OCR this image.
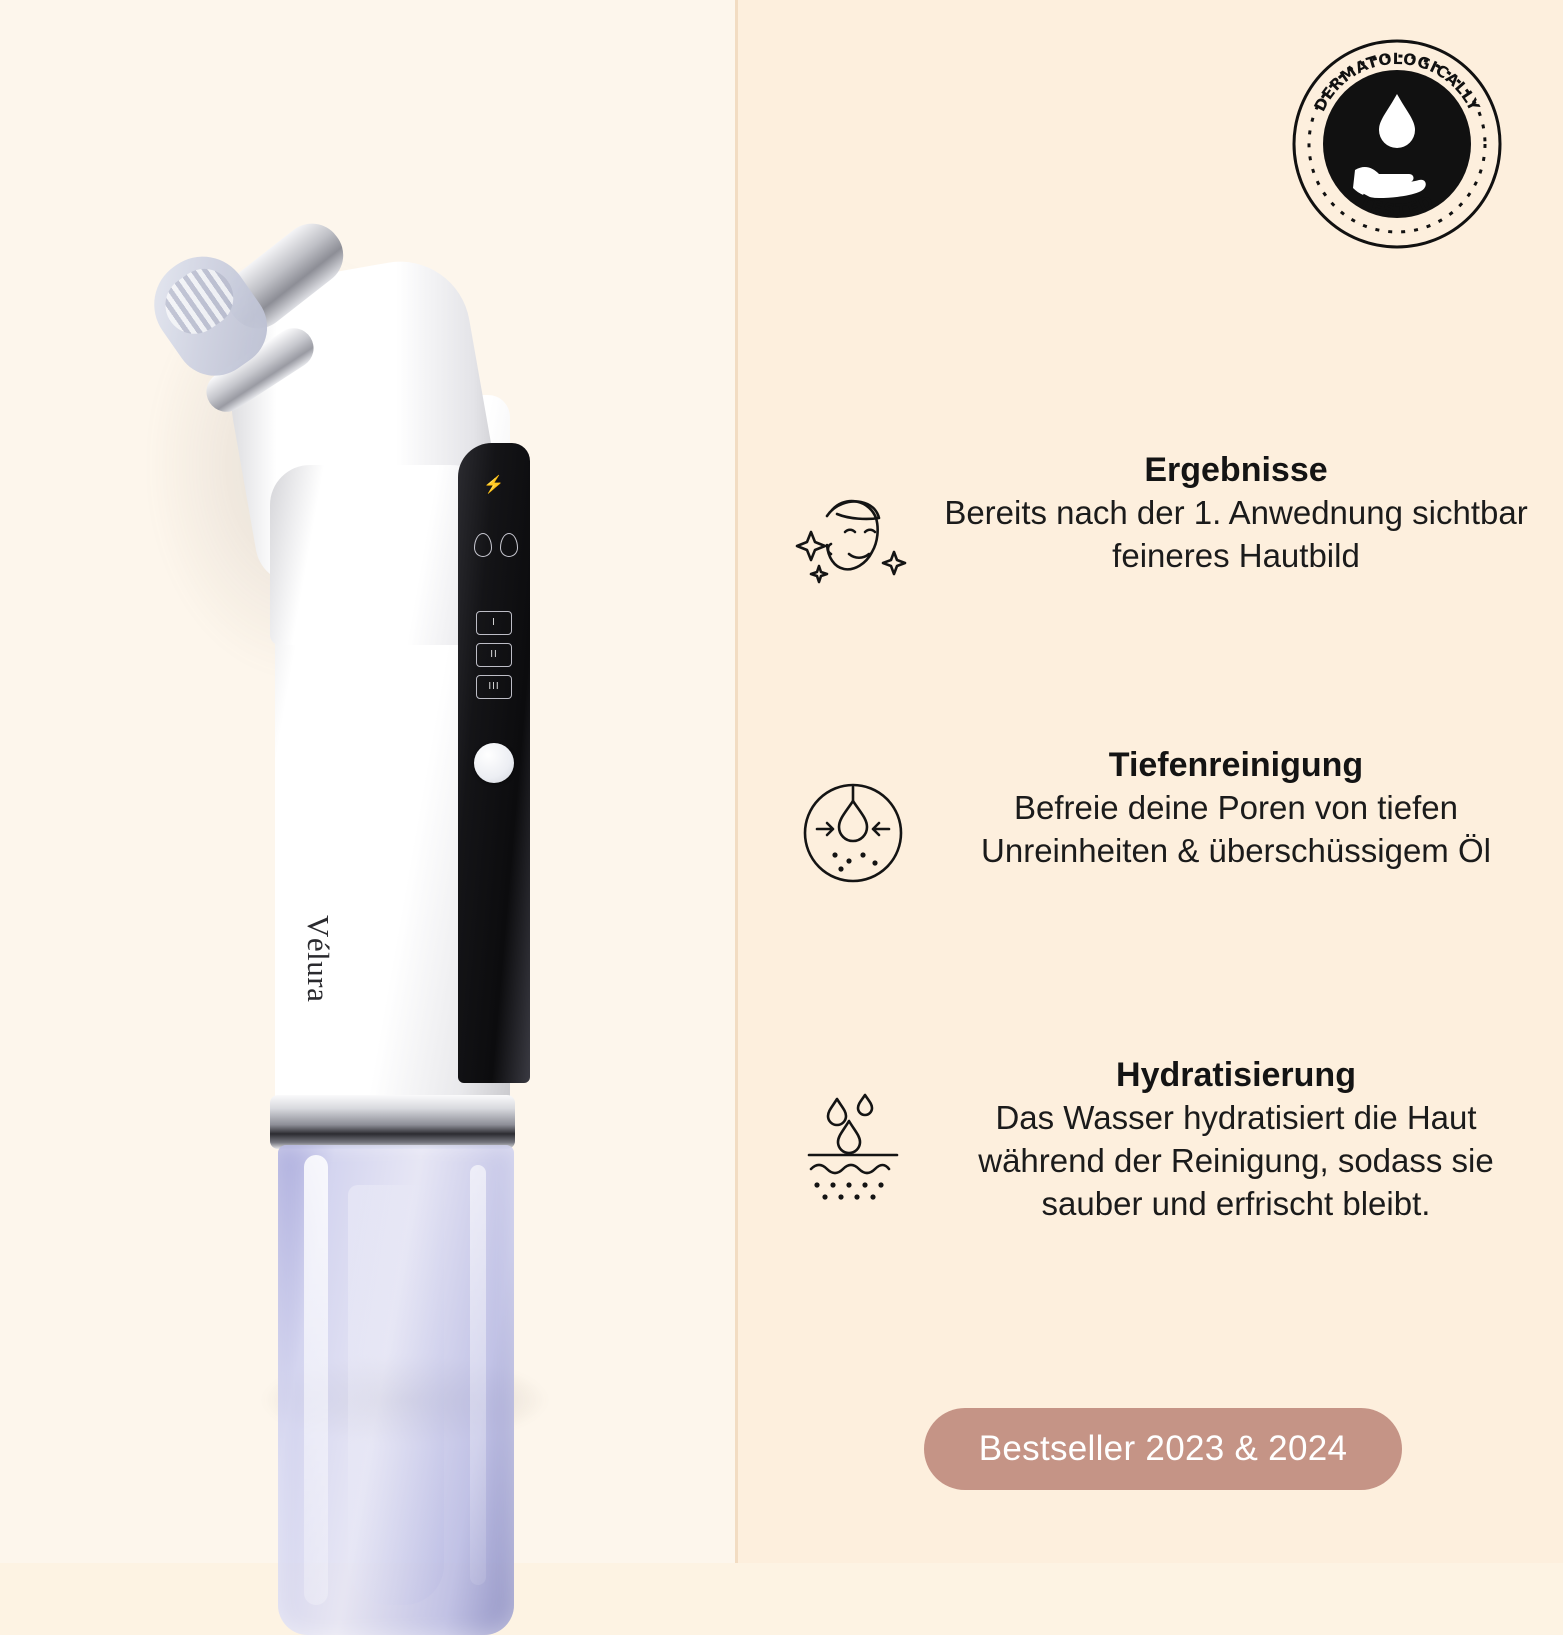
⚡
I
II
III
Vélura
DERMATOLOGICALLY
TESTED
Ergebnisse

Bereits nach der 1. Anwednung sichtbar feineres Hautbild

Tiefenreinigung

Befreie deine Poren von tiefen Unreinheiten & überschüssigem Öl

Hydratisierung

Das Wasser hydratisiert die Haut während der Reinigung, sodass sie sauber und erfrischt bleibt.

Bestseller 2023 & 2024
